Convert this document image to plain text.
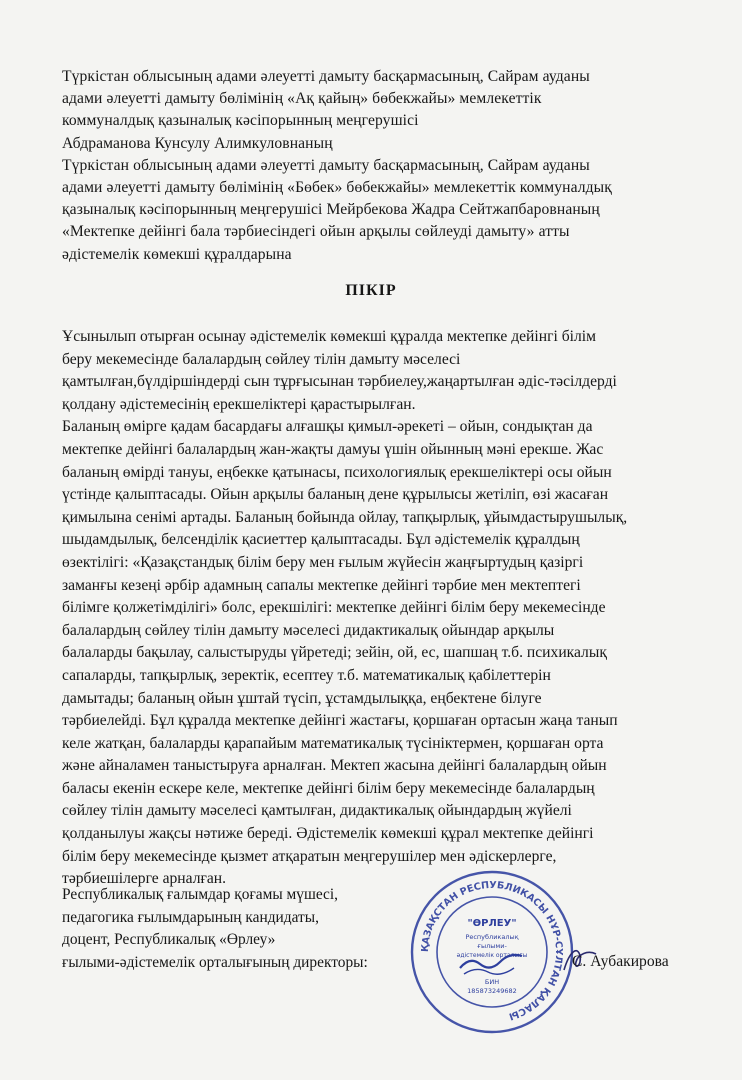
Түркістан облысының адами әлеуетті дамыту басқармасының, Сайрам ауданы

адами әлеуетті дамыту бөлімінің «Ақ қайың» бөбекжайы» мемлекеттік

коммуналдық қазыналық кәсіпорынның меңгерушісі

Абдраманова Кунсулу Алимкуловнаның

Түркістан облысының адами әлеуетті дамыту басқармасының, Сайрам ауданы

адами әлеуетті дамыту бөлімінің «Бөбек» бөбекжайы» мемлекеттік коммуналдық

қазыналық кәсіпорынның меңгерушісі Мейрбекова Жадра Сейтжапбаровнаның

«Мектепке дейінгі бала тәрбиесіндегі ойын арқылы сөйлеуді дамыту» атты

әдістемелік көмекші құралдарына

ПІКІР

Ұсынылып отырған осынау әдістемелік көмекші құралда мектепке дейінгі білім

беру мекемесінде балалардың сөйлеу тілін дамыту мәселесі

қамтылған,бүлдіршіндерді сын тұрғысынан тәрбиелеу,жаңартылған әдіс-тәсілдерді

қолдану әдістемесінің ерекшеліктері қарастырылған.

Баланың өмірге қадам басардағы алғашқы қимыл-әрекеті – ойын, сондықтан да

мектепке дейінгі балалардың жан-жақты дамуы үшін ойынның мәні ерекше. Жас

баланың өмірді тануы, еңбекке қатынасы, психологиялық ерекшеліктері осы ойын

үстінде қалыптасады. Ойын арқылы баланың дене құрылысы жетіліп, өзі жасаған

қимылына сенімі артады. Баланың бойында ойлау, тапқырлық, ұйымдастырушылық,

шыдамдылық, белсенділік қасиеттер қалыптасады. Бұл әдістемелік құралдың

өзектілігі: «Қазақстандық білім беру мен ғылым жүйесін жаңғыртудың қазіргі

заманғы кезеңі әрбір адамның сапалы мектепке дейінгі тәрбие мен мектептегі

білімге қолжетімділігі» болс, ерекшілігі: мектепке дейінгі білім беру мекемесінде

балалардың сөйлеу тілін дамыту мәселесі дидактикалық ойындар арқылы

балаларды бақылау, салыстыруды үйретеді; зейін, ой, ес, шапшаң т.б. психикалық

сапаларды, тапқырлық, зеректік, есептеу т.б. математикалық қабілеттерін

дамытады; баланың ойын ұштай түсіп, ұстамдылыққа, еңбектене білуге

тәрбиелейді. Бұл құралда мектепке дейінгі жастағы, қоршаған ортасын жаңа танып

келе жатқан, балаларды қарапайым математикалық түсініктермен, қоршаған орта

және айналамен таныстыруға арналған. Мектеп жасына дейінгі балалардың ойын

баласы екенін ескере келе, мектепке дейінгі білім беру мекемесінде балалардың

сөйлеу тілін дамыту мәселесі қамтылған, дидактикалық ойындардың жүйелі

қолданылуы жақсы нәтиже береді. Әдістемелік көмекші құрал мектепке дейінгі

білім беру мекемесінде қызмет атқаратын меңгерушілер мен әдіскерлерге,

тәрбиешілерге арналған.

Республикалық ғалымдар қоғамы мүшесі,

педагогика ғылымдарының кандидаты,

доцент, Республикалық «Өрлеу»

ғылыми-әдістемелік орталығының директоры:

ҚАЗАҚСТАН РЕСПУБЛИКАСЫ НҰР-СҰЛТАН ҚАЛАСЫ
"ӨРЛЕУ"
Республикалық
ғылыми-
әдістемелік орталығы
БИН
185873249682
С. Аубакирова
